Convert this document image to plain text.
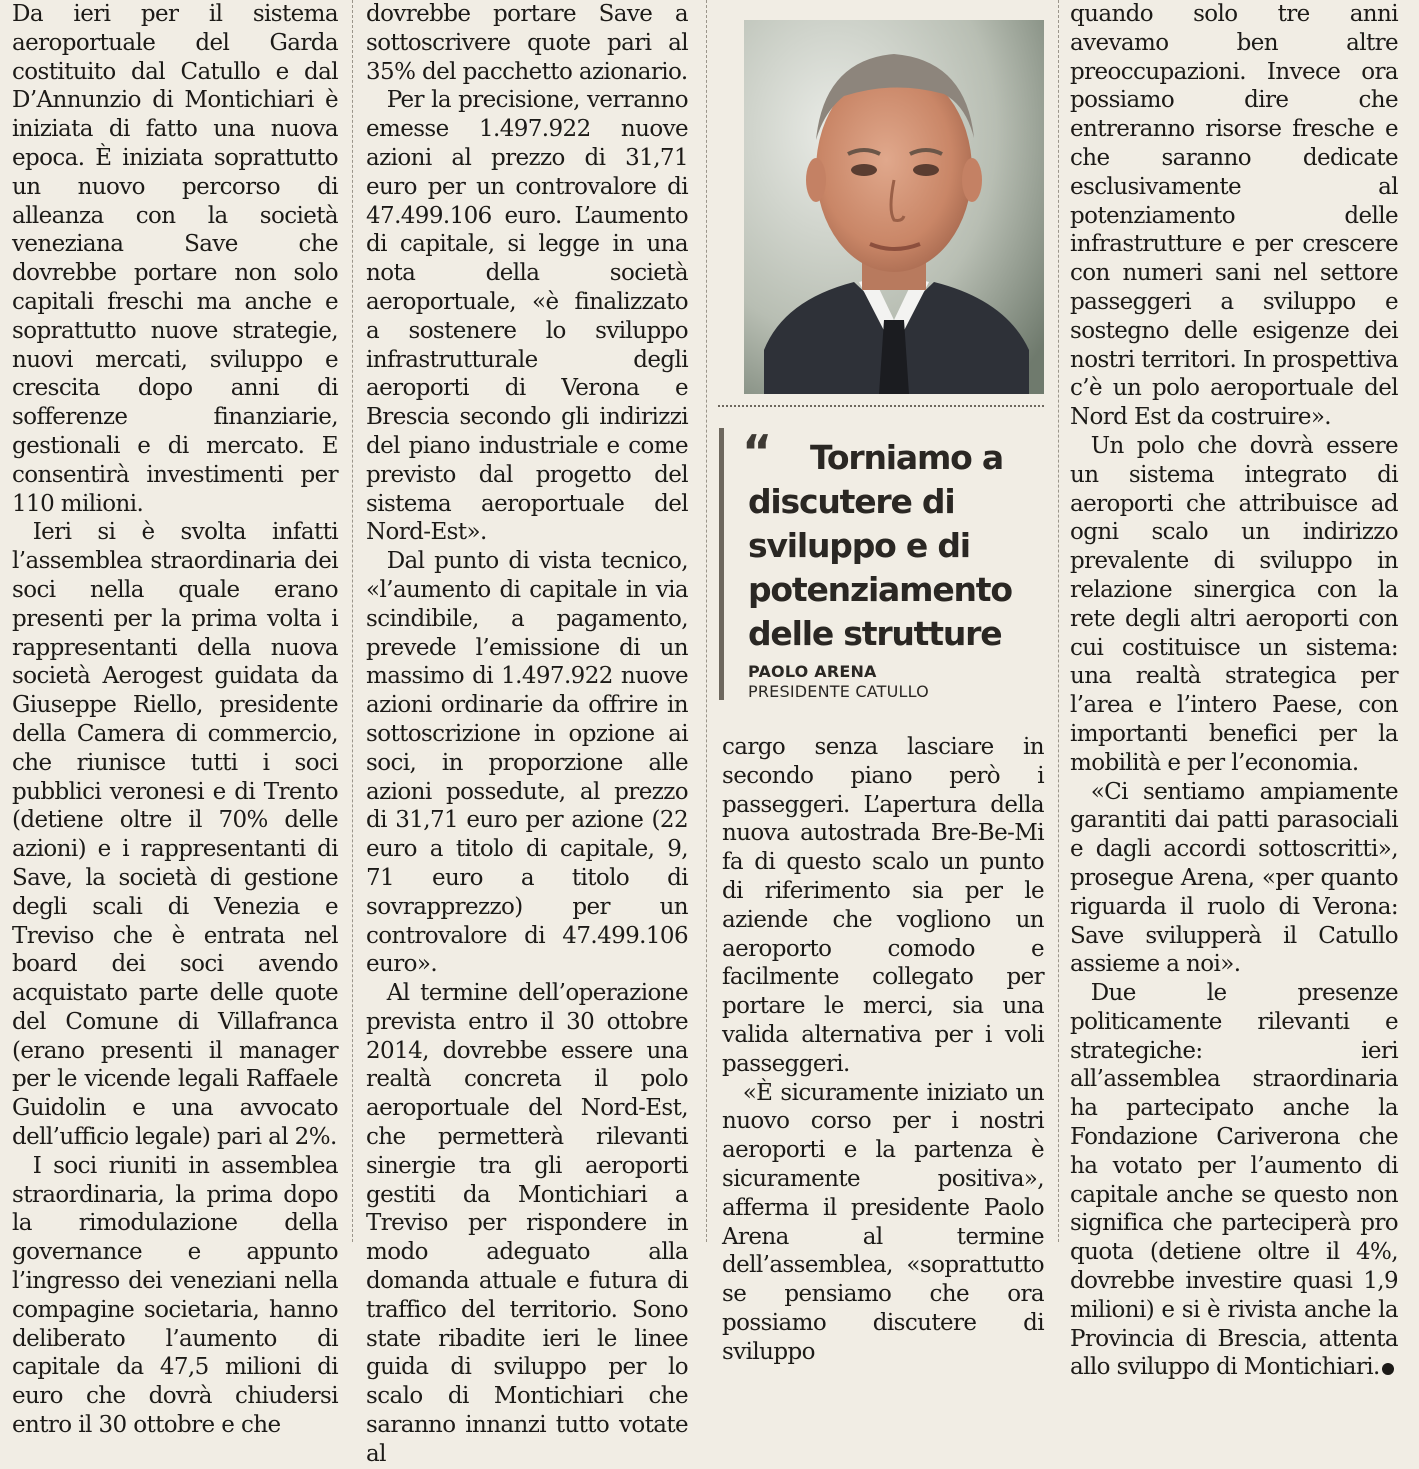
Da ieri per il sistema aeroportuale del Garda costituito dal Catullo e dal D’Annunzio di Montichiari è iniziata di fatto una nuova epoca. È iniziata soprattutto un nuovo percorso di alleanza con la società veneziana Save che dovrebbe portare non solo capitali freschi ma anche e soprattutto nuove strategie, nuovi mercati, sviluppo e crescita dopo anni di sofferenze finanziarie, gestionali e di mercato. E consentirà investimenti per 110 milioni.

Ieri si è svolta infatti l’assemblea straordinaria dei soci nella quale erano presenti per la prima volta i rappresentanti della nuova società Aerogest guidata da Giuseppe Riello, presidente della Camera di commercio, che riunisce tutti i soci pubblici veronesi e di Trento (detiene oltre il 70% delle azioni) e i rappresentanti di Save, la società di gestione degli scali di Venezia e Treviso che è entrata nel board dei soci avendo acquistato parte delle quote del Comune di Villafranca (erano presenti il manager per le vicende legali Raffaele Guidolin e una avvocato dell’ufficio legale) pari al 2%.

I soci riuniti in assemblea straordinaria, la prima dopo la rimodulazione della governance e appunto l’ingresso dei veneziani nella compagine societaria, hanno deliberato l’aumento di capitale da 47,5 milioni di euro che dovrà chiudersi entro il 30 ottobre e che

dovrebbe portare Save a sottoscrivere quote pari al 35% del pacchetto azionario.

Per la precisione, verranno emesse 1.497.922 nuove azioni al prezzo di 31,71 euro per un controvalore di 47.499.106 euro. L’aumento di capitale, si legge in una nota della società aeroportuale, «è finalizzato a sostenere lo sviluppo infrastrutturale degli aeroporti di Verona e Brescia secondo gli indirizzi del piano industriale e come previsto dal progetto del sistema aeroportuale del Nord-Est».

Dal punto di vista tecnico, «l’aumento di capitale in via scindibile, a pagamento, prevede l’emissione di un massimo di 1.497.922 nuove azioni ordinarie da offrire in sottoscrizione in opzione ai soci, in proporzione alle azioni possedute, al prezzo di 31,71 euro per azione (22 euro a titolo di capitale, 9, 71 euro a titolo di sovrapprezzo) per un controvalore di 47.499.106 euro».

Al termine dell’operazione prevista entro il 30 ottobre 2014, dovrebbe essere una realtà concreta il polo aeroportuale del Nord-Est, che permetterà rilevanti sinergie tra gli aeroporti gestiti da Montichiari a Treviso per rispondere in modo adeguato alla domanda attuale e futura di traffico del territorio. Sono state ribadite ieri le linee guida di sviluppo per lo scalo di Montichiari che saranno innanzi tutto votate al

“	Torniamo a discutere di sviluppo e di potenziamento delle strutture
PAOLO ARENA
PRESIDENTE CATULLO

cargo senza lasciare in secondo piano però i passeggeri. L’apertura della nuova autostrada Bre-Be-Mi fa di questo scalo un punto di riferimento sia per le aziende che vogliono un aeroporto comodo e facilmente collegato per portare le merci, sia una valida alternativa per i voli passeggeri.

«È sicuramente iniziato un nuovo corso per i nostri aeroporti e la partenza è sicuramente positiva», afferma il presidente Paolo Arena al termine dell’assemblea, «soprattutto se pensiamo che ora possiamo discutere di sviluppo

quando solo tre anni avevamo ben altre preoccupazioni. Invece ora possiamo dire che entreranno risorse fresche e che saranno dedicate esclusivamente al potenziamento delle infrastrutture e per crescere con numeri sani nel settore passeggeri a sviluppo e sostegno delle esigenze dei nostri territori. In prospettiva c’è un polo aeroportuale del Nord Est da costruire».

Un polo che dovrà essere un sistema integrato di aeroporti che attribuisce ad ogni scalo un indirizzo prevalente di sviluppo in relazione sinergica con la rete degli altri aeroporti con cui costituisce un sistema: una realtà strategica per l’area e l’intero Paese, con importanti benefici per la mobilità e per l’economia.

«Ci sentiamo ampiamente garantiti dai patti parasociali e dagli accordi sottoscritti», prosegue Arena, «per quanto riguarda il ruolo di Verona: Save svilupperà il Catullo assieme a noi».

Due le presenze politicamente rilevanti e strategiche: ieri all’assemblea straordinaria ha partecipato anche la Fondazione Cariverona che ha votato per l’aumento di capitale anche se questo non significa che parteciperà pro quota (detiene oltre il 4%, dovrebbe investire quasi 1,9 milioni) e si è rivista anche la Provincia di Brescia, attenta allo sviluppo di Montichiari.
